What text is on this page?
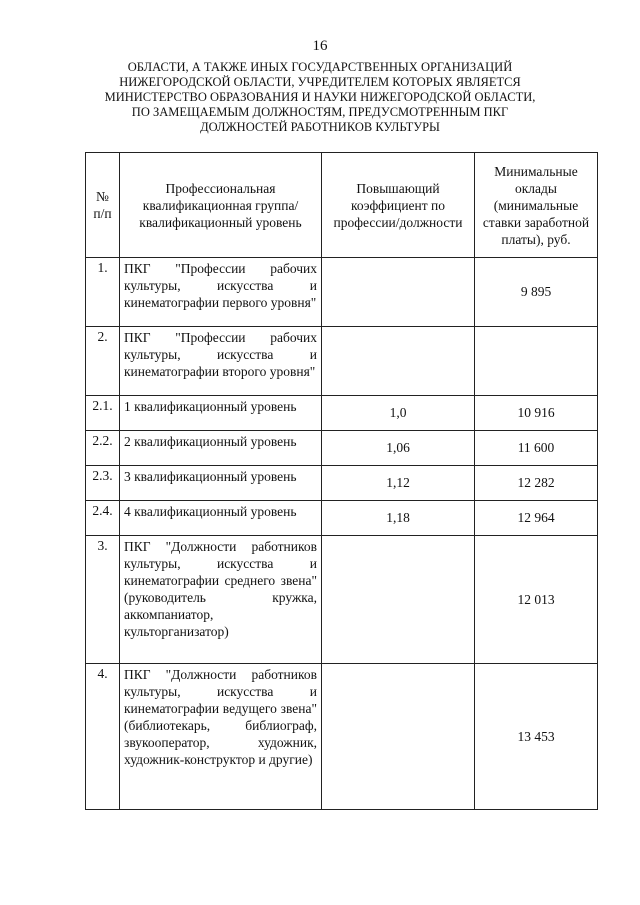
16
ОБЛАСТИ, А ТАКЖЕ ИНЫХ ГОСУДАРСТВЕННЫХ ОРГАНИЗАЦИЙ НИЖЕГОРОДСКОЙ ОБЛАСТИ, УЧРЕДИТЕЛЕМ КОТОРЫХ ЯВЛЯЕТСЯ МИНИСТЕРСТВО ОБРАЗОВАНИЯ И НАУКИ НИЖЕГОРОДСКОЙ ОБЛАСТИ, ПО ЗАМЕЩАЕМЫМ ДОЛЖНОСТЯМ, ПРЕДУСМОТРЕННЫМ ПКГ ДОЛЖНОСТЕЙ РАБОТНИКОВ КУЛЬТУРЫ
№ п/п	Профессиональная квалификационная группа/квалификационный уровень	Повышающий коэффициент по профессии/должности	Минимальные оклады (минимальные ставки заработной платы), руб.
1.	ПКГ "Профессии рабочих культуры, искусства и кинематографии первого уровня"		9 895
2.	ПКГ "Профессии рабочих культуры, искусства и кинематографии второго уровня"		
2.1.	1 квалификационный уровень	1,0	10 916
2.2.	2 квалификационный уровень	1,06	11 600
2.3.	3 квалификационный уровень	1,12	12 282
2.4.	4 квалификационный уровень	1,18	12 964
3.	ПКГ "Должности работников культуры, искусства и кинематографии среднего звена" (руководитель кружка, аккомпаниатор, культорганизатор)		12 013
4.	ПКГ "Должности работников культуры, искусства и кинематографии ведущего звена" (библиотекарь, библиограф, звукооператор, художник, художник-конструктор и другие)		13 453
